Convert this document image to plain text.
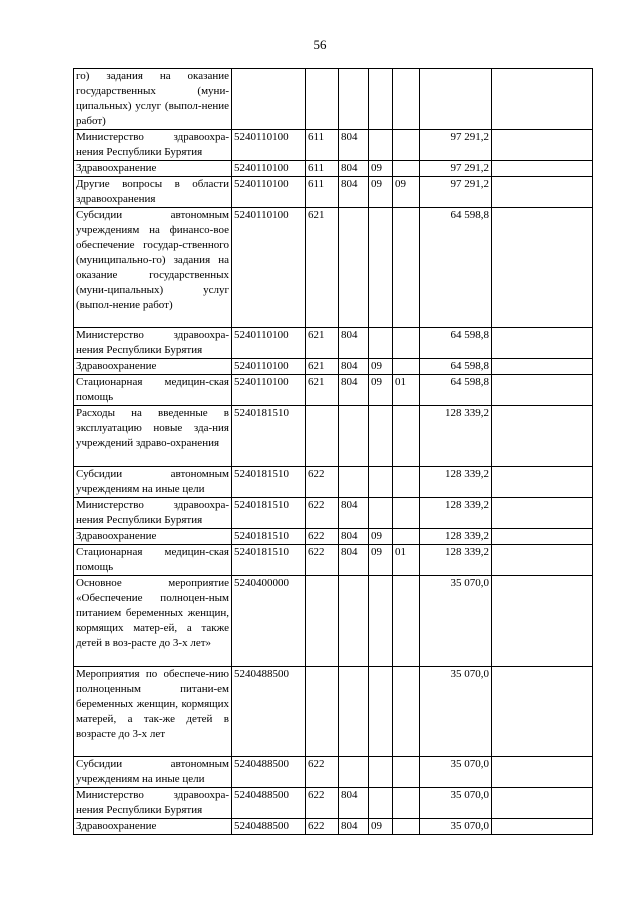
56
го) задания на оказание государственных (муни-ципальных) услуг (выпол-нение работ)							
Министерство здравоохра-нения Республики Бурятия	5240110100	611	804			97 291,2	
Здравоохранение	5240110100	611	804	09		97 291,2	
Другие вопросы в области здравоохранения	5240110100	611	804	09	09	97 291,2	
Субсидии автономным учреждениям на финансо-вое обеспечение государ-ственного (муниципально-го) задания на оказание государственных (муни-ципальных) услуг (выпол-нение работ)	5240110100	621				64 598,8	
Министерство здравоохра-нения Республики Бурятия	5240110100	621	804			64 598,8	
Здравоохранение	5240110100	621	804	09		64 598,8	
Стационарная медицин-ская помощь	5240110100	621	804	09	01	64 598,8	
Расходы на введенные в эксплуатацию новые зда-ния учреждений здраво-охранения	5240181510					128 339,2	
Субсидии автономным учреждениям на иные цели	5240181510	622				128 339,2	
Министерство здравоохра-нения Республики Бурятия	5240181510	622	804			128 339,2	
Здравоохранение	5240181510	622	804	09		128 339,2	
Стационарная медицин-ская помощь	5240181510	622	804	09	01	128 339,2	
Основное мероприятие «Обеспечение полноцен-ным питанием беременных женщин, кормящих матер-ей, а также детей в воз-расте до 3-х лет»	5240400000					35 070,0	
Мероприятия по обеспече-нию полноценным питани-ем беременных женщин, кормящих матерей, а так-же детей в возрасте до 3-х лет	5240488500					35 070,0	
Субсидии автономным учреждениям на иные цели	5240488500	622				35 070,0	
Министерство здравоохра-нения Республики Бурятия	5240488500	622	804			35 070,0	
Здравоохранение	5240488500	622	804	09		35 070,0	
